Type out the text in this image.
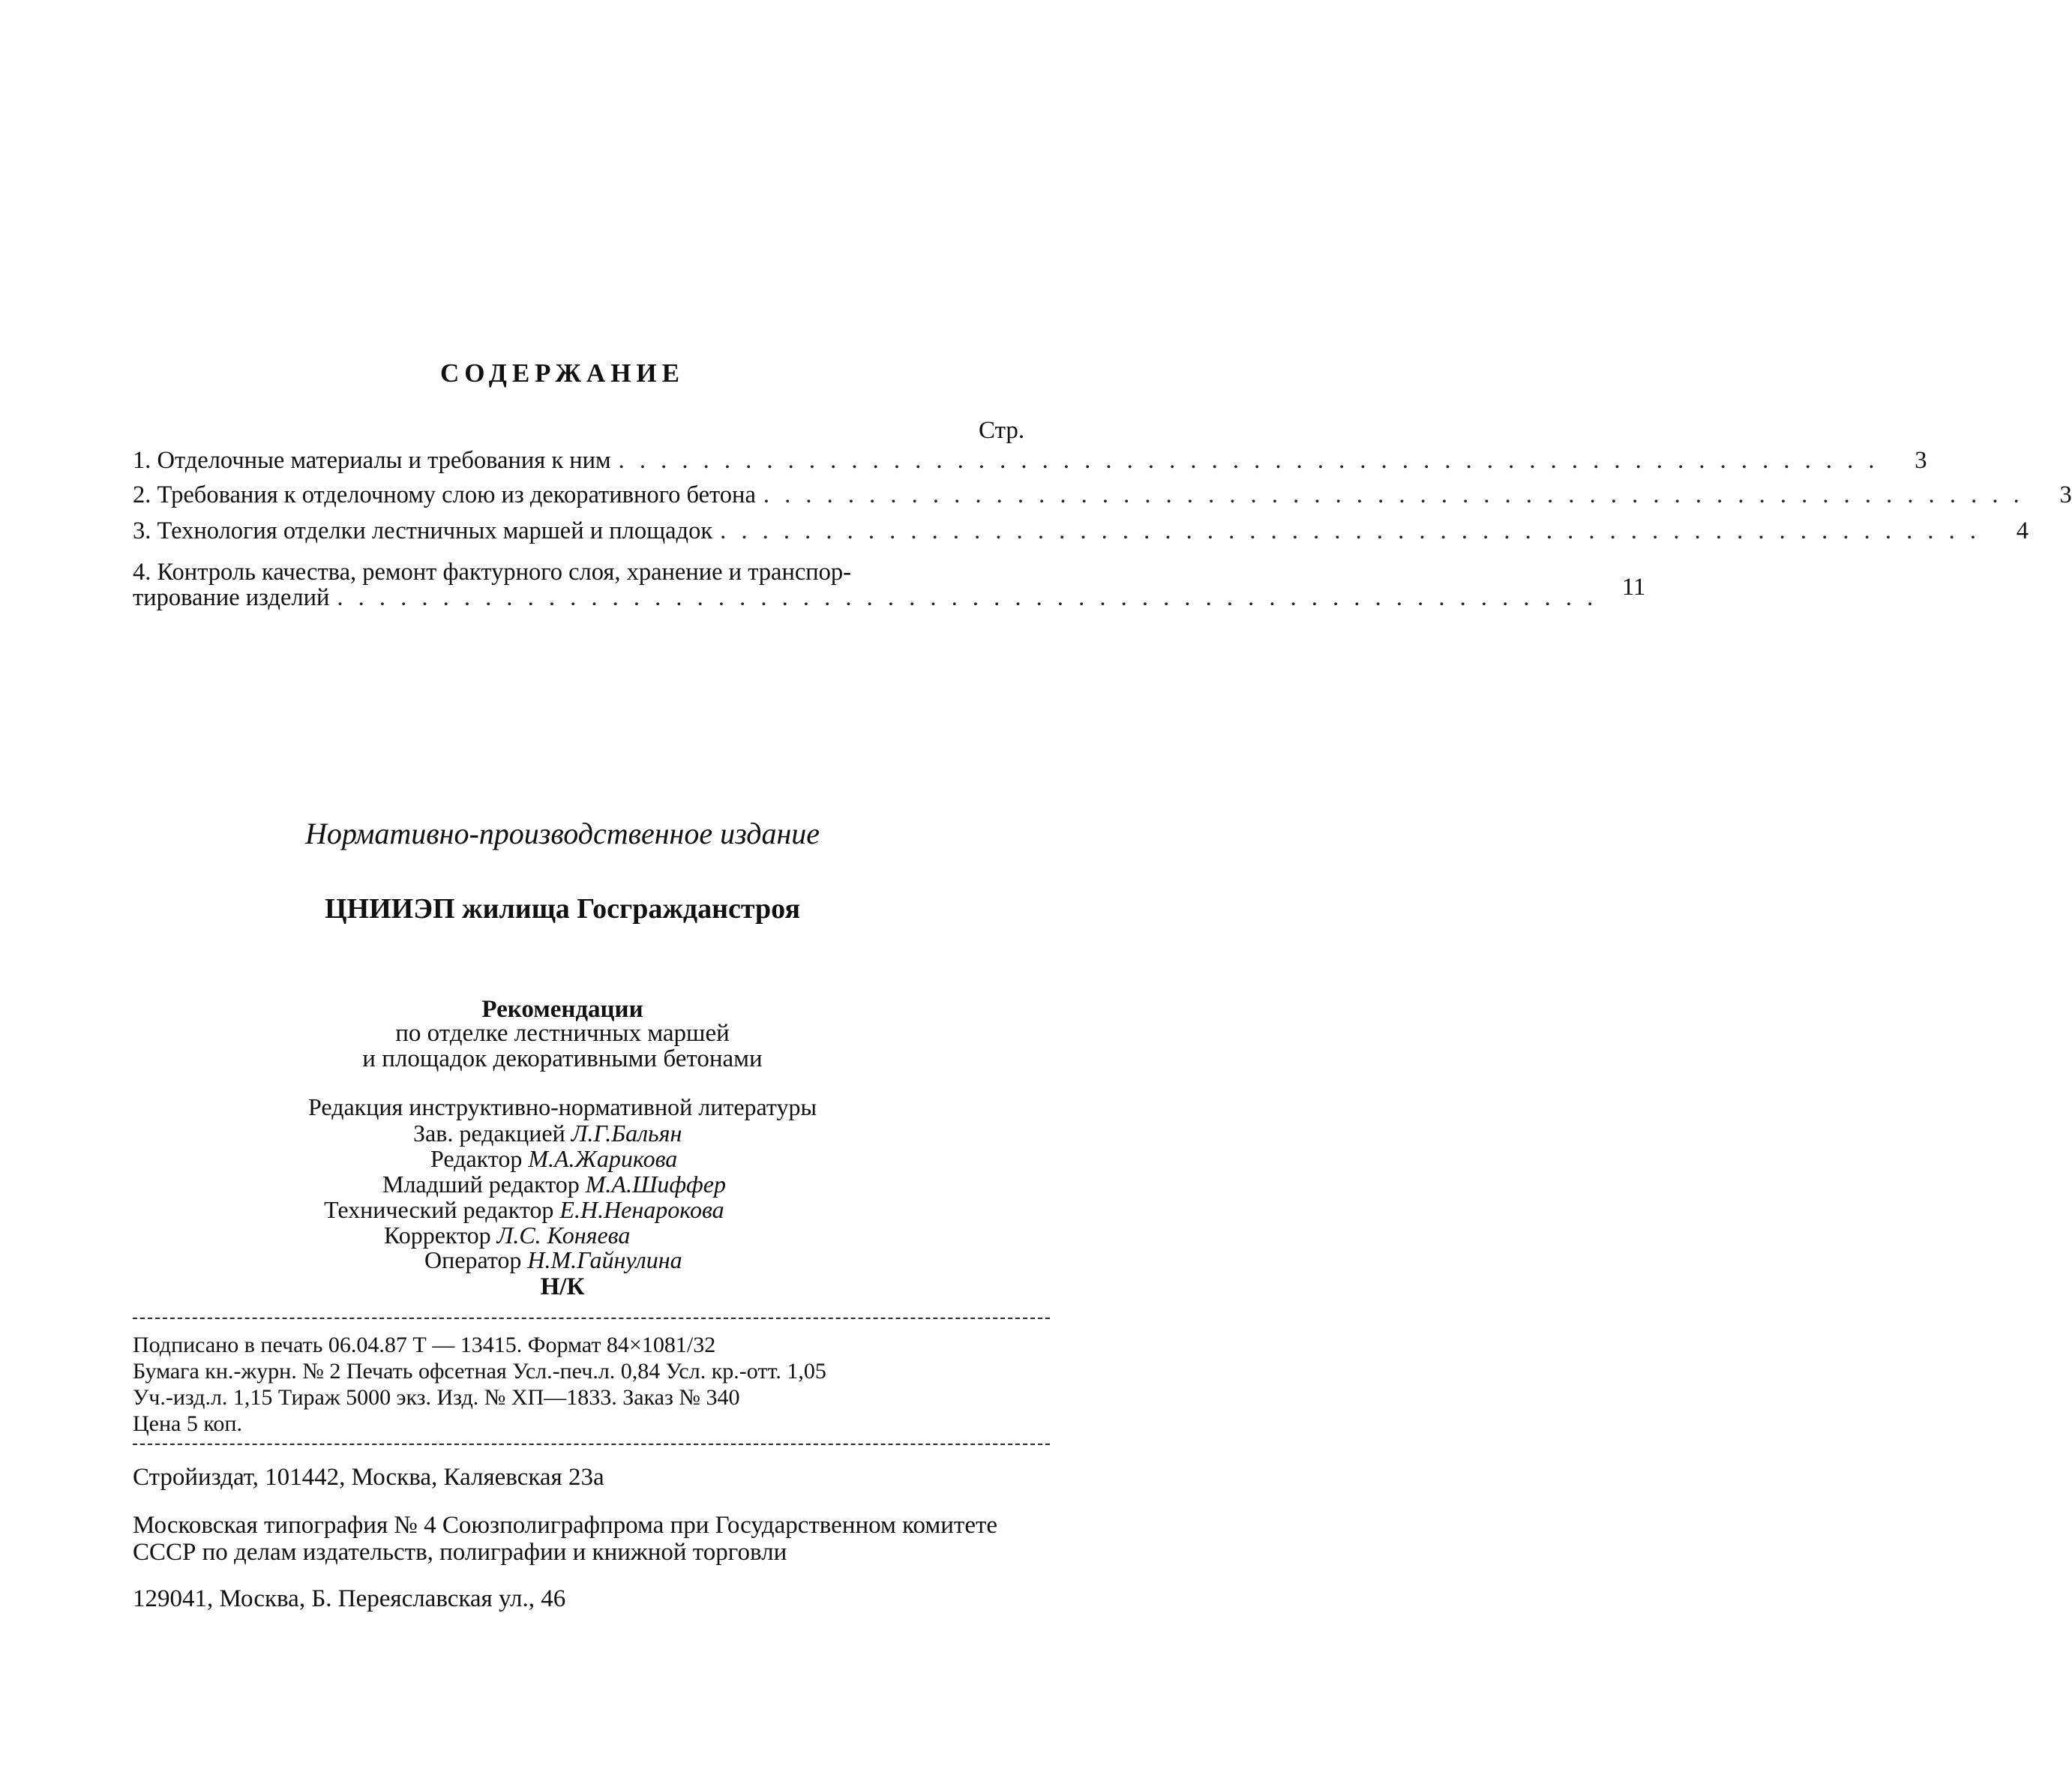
СОДЕРЖАНИЕ
Стр.
1. Отделочные материалы и требования к ним . . . . . . . . . . . . . . . . . . . . . . . . . . . . . . . . . . . . . . . . . . . . . . . . . . . . . . . . . . . .	3
2. Требования к отделочному слою из декоративного бетона . . . . . . . . . . . . . . . . . . . . . . . . . . . . . . . . . . . . . . . . . . . . . . . . . . . . . . . . . . . .	3
3. Технология отделки лестничных маршей и площадок . . . . . . . . . . . . . . . . . . . . . . . . . . . . . . . . . . . . . . . . . . . . . . . . . . . . . . . . . . . .	4
4. Контроль качества, ремонт фактурного слоя, хранение и транспор-
тирование изделий . . . . . . . . . . . . . . . . . . . . . . . . . . . . . . . . . . . . . . . . . . . . . . . . . . . . . . . . . . . .	11
Нормативно-производственное издание
ЦНИИЭП жилища Госгражданстроя
Рекомендации
по отделке лестничных маршей
и площадок декоративными бетонами
Редакция инструктивно-нормативной литературы
Зав. редакцией Л.Г.Бальян
Редактор М.А.Жарикова
Младший редактор М.А.Шиффер
Технический редактор Е.Н.Ненарокова
Корректор Л.С. Коняева
Оператор Н.М.Гайнулина
Н/К
Подписано в печать 06.04.87 Т — 13415. Формат 84×1081/32
Бумага кн.-журн. № 2 Печать офсетная Усл.-печ.л. 0,84 Усл. кр.-отт. 1,05
Уч.-изд.л. 1,15 Тираж 5000 экз. Изд. № ХП—1833. Заказ № 340
Цена 5 коп.
Стройиздат, 101442, Москва, Каляевская 23а
Московская типография № 4 Союзполиграфпрома при Государственном комитете СССР по делам издательств, полиграфии и книжной торговли
129041, Москва, Б. Переяславская ул., 46
